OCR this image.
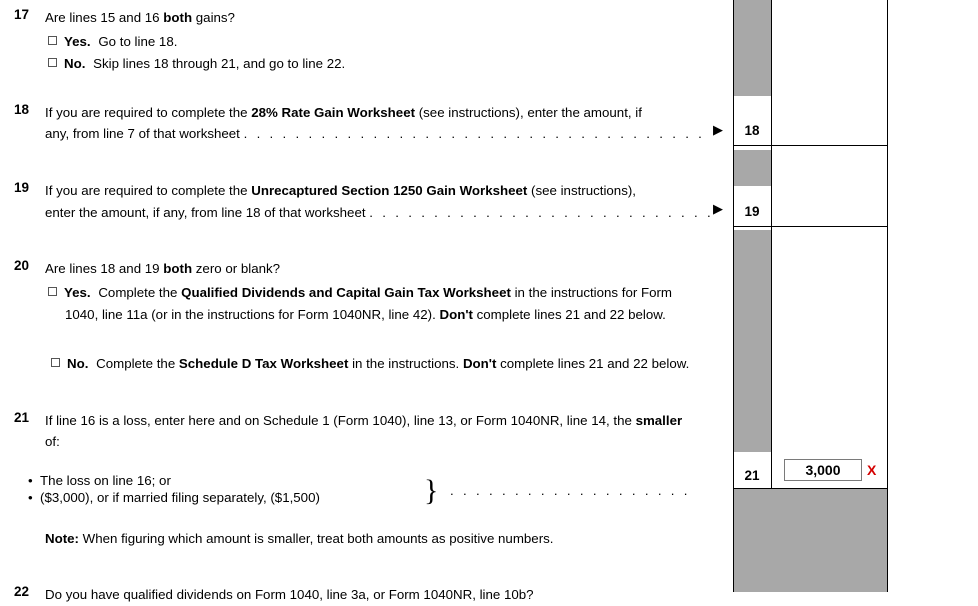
18
19
21	3,000	X
17	Are lines 15 and 16 both gains?
Yes. Go to line 18.
No. Skip lines 18 through 21, and go to line 22.
18	If you are required to complete the 28% Rate Gain Worksheet (see instructions), enter the amount, if
any, from line 7 of that worksheet . . . . . . . . . . . . . . . . . . . . . . . . . . . . . . . . . . . . ▶
19	If you are required to complete the Unrecaptured Section 1250 Gain Worksheet (see instructions),
enter the amount, if any, from line 18 of that worksheet . . . . . . . . . . . . . . . . . . . . . . . . . . . ▶
20	Are lines 18 and 19 both zero or blank?
Yes. Complete the Qualified Dividends and Capital Gain Tax Worksheet in the instructions for Form
1040, line 11a (or in the instructions for Form 1040NR, line 42). Don't complete lines 21 and 22 below.
No. Complete the Schedule D Tax Worksheet in the instructions. Don't complete lines 21 and 22 below.
21	If line 16 is a loss, enter here and on Schedule 1 (Form 1040), line 13, or Form 1040NR, line 14, the smaller
of:
•  The loss on line 16; or
•  ($3,000), or if married filing separately, ($1,500)	} . . . . . . . . . . . . . . . . . . .
Note: When figuring which amount is smaller, treat both amounts as positive numbers.
22	Do you have qualified dividends on Form 1040, line 3a, or Form 1040NR, line 10b?
